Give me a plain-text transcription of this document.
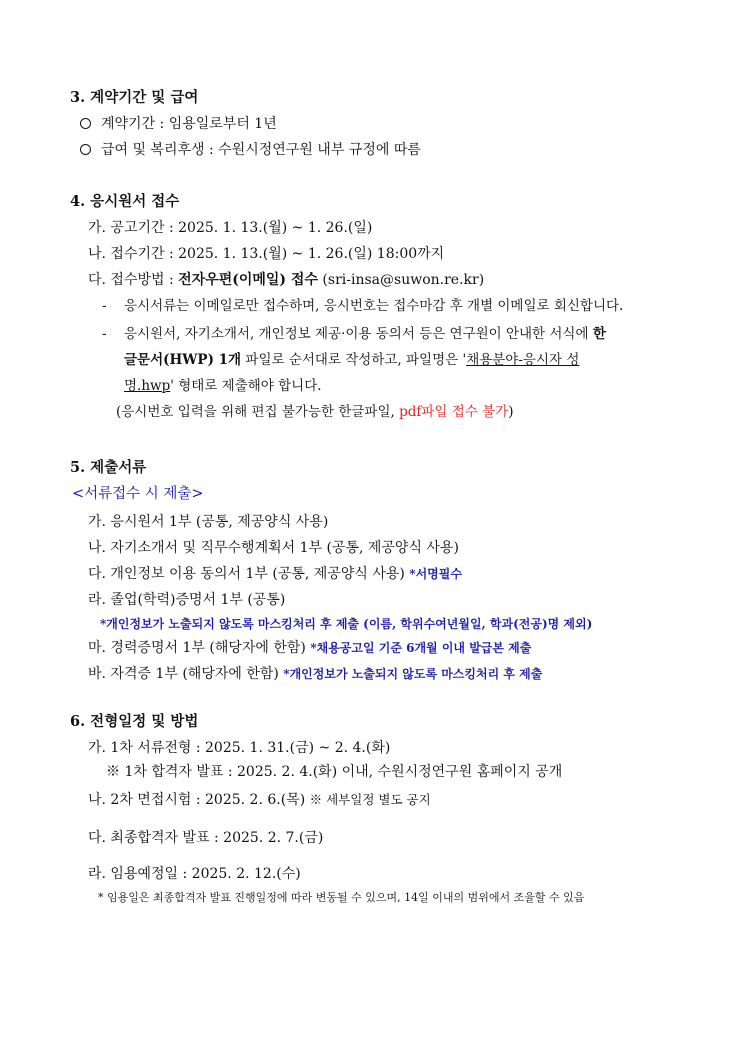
3. 계약기간 및 급여
계약기간 : 임용일로부터 1년
급여 및 복리후생 : 수원시정연구원 내부 규정에 따름
4. 응시원서 접수
가. 공고기간 : 2025. 1. 13.(월) ~ 1. 26.(일)
나. 접수기간 : 2025. 1. 13.(월) ~ 1. 26.(일) 18:00까지
다. 접수방법 : 전자우편(이메일) 접수 (sri-insa@suwon.re.kr)
- 응시서류는 이메일로만 접수하며, 응시번호는 접수마감 후 개별 이메일로 회신합니다.
- 응시원서, 자기소개서, 개인정보 제공·이용 동의서 등은 연구원이 안내한 서식에 한
글문서(HWP) 1개 파일로 순서대로 작성하고, 파일명은 '채용분야-응시자 성
명.hwp' 형태로 제출해야 합니다.
(응시번호 입력을 위해 편집 불가능한 한글파일, pdf파일 접수 불가)
5. 제출서류
<서류접수 시 제출>
가. 응시원서 1부 (공통, 제공양식 사용)
나. 자기소개서 및 직무수행계획서 1부 (공통, 제공양식 사용)
다. 개인정보 이용 동의서 1부 (공통, 제공양식 사용) *서명필수
라. 졸업(학력)증명서 1부 (공통)
*개인정보가 노출되지 않도록 마스킹처리 후 제출 (이름, 학위수여년월일, 학과(전공)명 제외)
마. 경력증명서 1부 (해당자에 한함) *채용공고일 기준 6개월 이내 발급본 제출
바. 자격증 1부 (해당자에 한함) *개인정보가 노출되지 않도록 마스킹처리 후 제출
6. 전형일정 및 방법
가. 1차 서류전형 : 2025. 1. 31.(금) ~ 2. 4.(화)
※ 1차 합격자 발표 : 2025. 2. 4.(화) 이내, 수원시정연구원 홈페이지 공개
나. 2차 면접시험 : 2025. 2. 6.(목) ※ 세부일정 별도 공지
다. 최종합격자 발표 : 2025. 2. 7.(금)
라. 임용예정일 : 2025. 2. 12.(수)
* 임용일은 최종합격자 발표 진행일정에 따라 변동될 수 있으며, 14일 이내의 범위에서 조율할 수 있음
